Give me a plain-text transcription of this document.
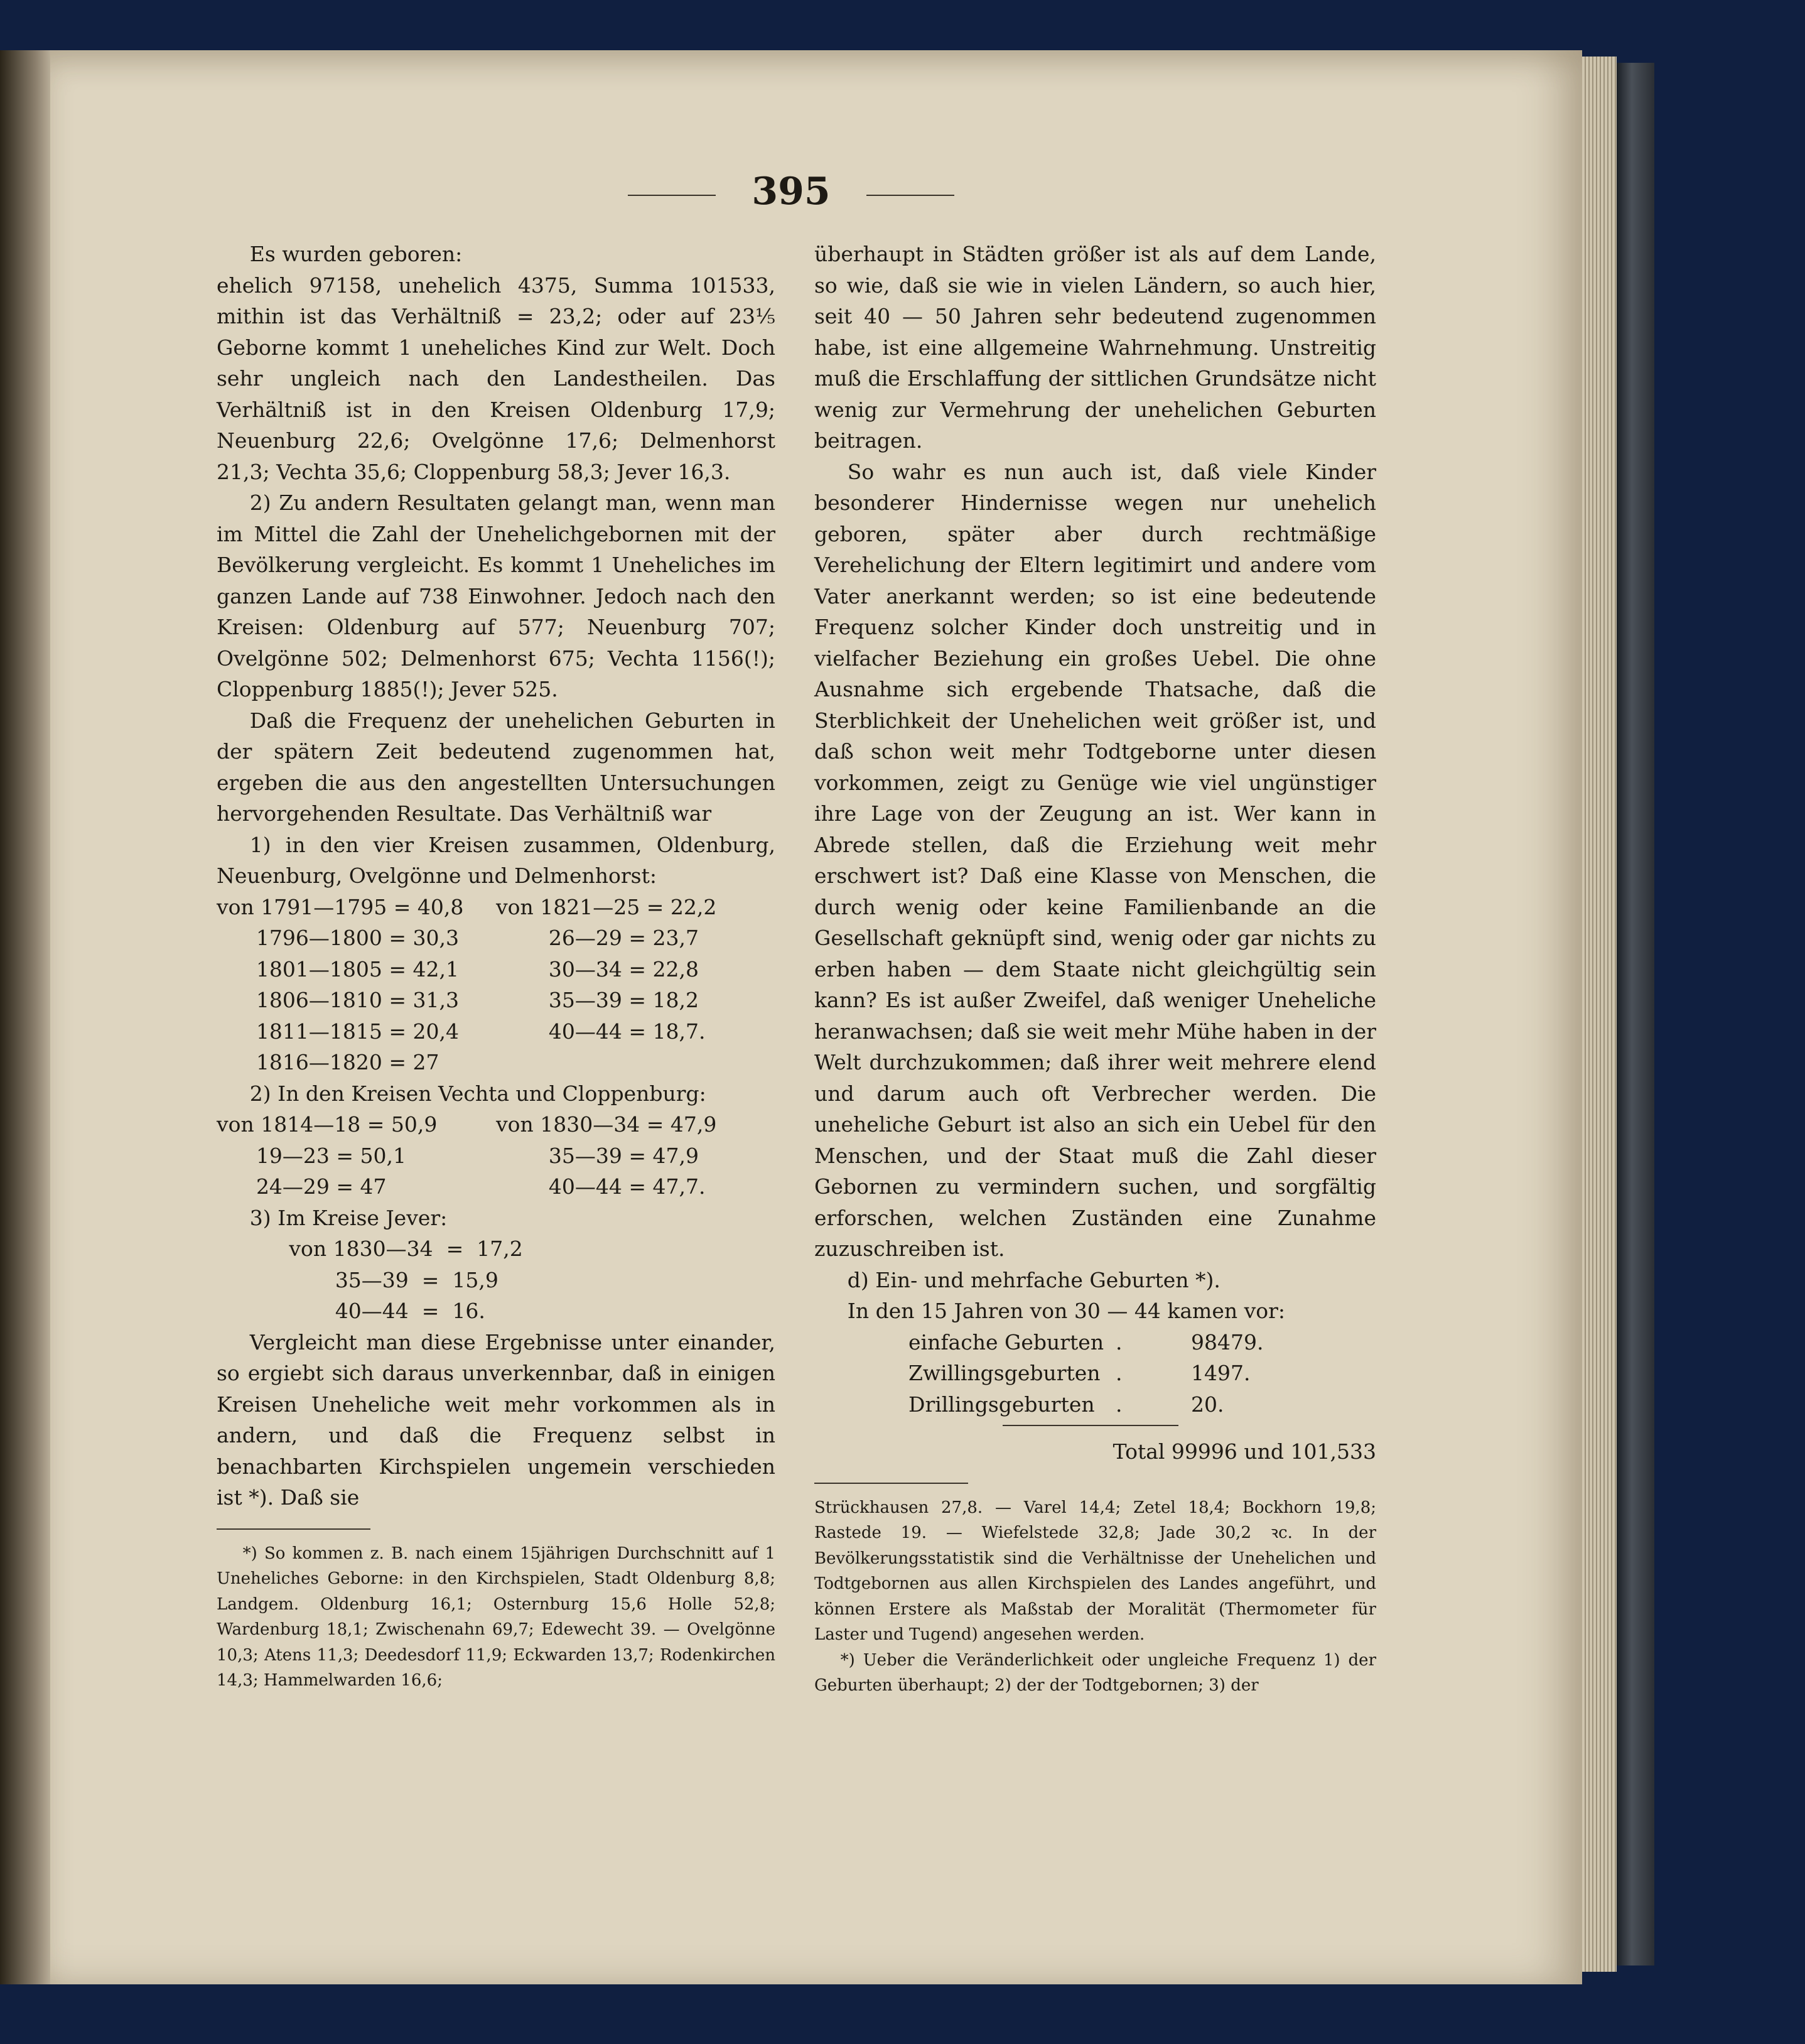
395

Es wurden geboren:

ehelich 97158, unehelich 4375, Summa 101533, mithin ist das Verhältniß = 23,2; oder auf 23⅕ Geborne kommt 1 uneheliches Kind zur Welt. Doch sehr ungleich nach den Landestheilen. Das Verhältniß ist in den Kreisen Oldenburg 17,9; Neuenburg 22,6; Ovelgönne 17,6; Delmenhorst 21,3; Vechta 35,6; Cloppenburg 58,3; Jever 16,3.

2) Zu andern Resultaten gelangt man, wenn man im Mittel die Zahl der Unehelichgebornen mit der Bevölkerung vergleicht. Es kommt 1 Uneheliches im ganzen Lande auf 738 Einwohner. Jedoch nach den Kreisen: Oldenburg auf 577; Neuenburg 707; Ovelgönne 502; Delmenhorst 675; Vechta 1156(!); Cloppenburg 1885(!); Jever 525.

Daß die Frequenz der unehelichen Geburten in der spätern Zeit bedeutend zugenommen hat, ergeben die aus den angestellten Untersuchungen hervorgehenden Resultate. Das Verhältniß war

1) in den vier Kreisen zusammen, Oldenburg, Neuenburg, Ovelgönne und Delmenhorst:

von 1791—1795 = 40,8	von 1821—25 = 22,2
1796—1800 = 30,3	26—29 = 23,7
1801—1805 = 42,1	30—34 = 22,8
1806—1810 = 31,3	35—39 = 18,2
1811—1815 = 20,4	40—44 = 18,7.
1816—1820 = 27

2) In den Kreisen Vechta und Cloppenburg:

von 1814—18 = 50,9	von 1830—34 = 47,9
19—23 = 50,1	35—39 = 47,9
24—29 = 47	40—44 = 47,7.

3) Im Kreise Jever:

von 1830—34  =  17,2
35—39  =  15,9
40—44  =  16.

Vergleicht man diese Ergebnisse unter einander, so ergiebt sich daraus unverkennbar, daß in einigen Kreisen Uneheliche weit mehr vorkommen als in andern, und daß die Frequenz selbst in benachbarten Kirchspielen ungemein verschieden ist *). Daß sie

*) So kommen z. B. nach einem 15jährigen Durchschnitt auf 1 Uneheliches Geborne: in den Kirchspielen, Stadt Oldenburg 8,8; Landgem. Oldenburg 16,1; Osternburg 15,6 Holle 52,8; Wardenburg 18,1; Zwischenahn 69,7; Edewecht 39. — Ovelgönne 10,3; Atens 11,3; Deedesdorf 11,9; Eckwarden 13,7; Rodenkirchen 14,3; Hammelwarden 16,6;

überhaupt in Städten größer ist als auf dem Lande, so wie, daß sie wie in vielen Ländern, so auch hier, seit 40 — 50 Jahren sehr bedeutend zugenommen habe, ist eine allgemeine Wahrnehmung. Unstreitig muß die Erschlaffung der sittlichen Grundsätze nicht wenig zur Vermehrung der unehelichen Geburten beitragen.

So wahr es nun auch ist, daß viele Kinder besonderer Hindernisse wegen nur unehelich geboren, später aber durch rechtmäßige Verehelichung der Eltern legitimirt und andere vom Vater anerkannt werden; so ist eine bedeutende Frequenz solcher Kinder doch unstreitig und in vielfacher Beziehung ein großes Uebel. Die ohne Ausnahme sich ergebende Thatsache, daß die Sterblichkeit der Unehelichen weit größer ist, und daß schon weit mehr Todtgeborne unter diesen vorkommen, zeigt zu Genüge wie viel ungünstiger ihre Lage von der Zeugung an ist. Wer kann in Abrede stellen, daß die Erziehung weit mehr erschwert ist? Daß eine Klasse von Menschen, die durch wenig oder keine Familienbande an die Gesellschaft geknüpft sind, wenig oder gar nichts zu erben haben — dem Staate nicht gleichgültig sein kann? Es ist außer Zweifel, daß weniger Uneheliche heranwachsen; daß sie weit mehr Mühe haben in der Welt durchzukommen; daß ihrer weit mehrere elend und darum auch oft Verbrecher werden. Die uneheliche Geburt ist also an sich ein Uebel für den Menschen, und der Staat muß die Zahl dieser Gebornen zu vermindern suchen, und sorgfältig erforschen, welchen Zuständen eine Zunahme zuzuschreiben ist.

d) Ein- und mehrfache Geburten *).

In den 15 Jahren von 30 — 44 kamen vor:

einfache Geburten .	98479.
Zwillingsgeburten .	1497.
Drillingsgeburten	.	20.
Total 99996 und 101,533

Strückhausen 27,8. — Varel 14,4; Zetel 18,4; Bockhorn 19,8; Rastede 19. — Wiefelstede 32,8; Jade 30,2 ꝛc. In der Bevölkerungsstatistik sind die Verhältnisse der Unehelichen und Todtgebornen aus allen Kirchspielen des Landes angeführt, und können Erstere als Maßstab der Moralität (Thermometer für Laster und Tugend) angesehen werden.

*) Ueber die Veränderlichkeit oder ungleiche Frequenz 1) der Geburten überhaupt; 2) der der Todtgebornen; 3) der
